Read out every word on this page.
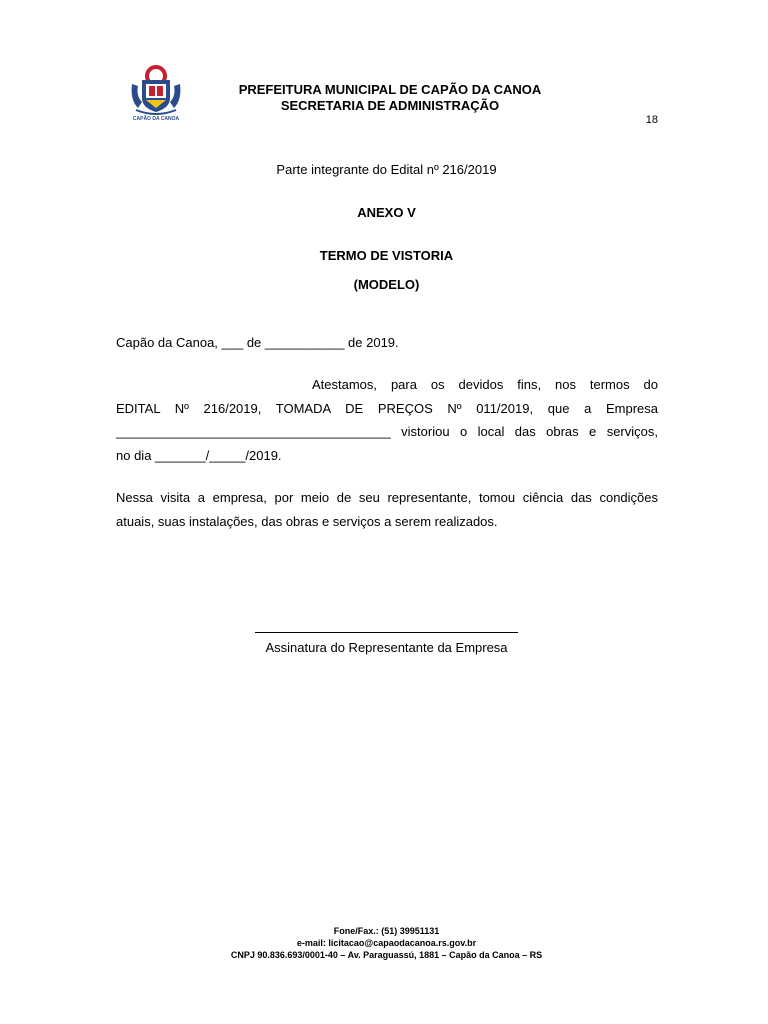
CAPÃO DA CANOA
PREFEITURA MUNICIPAL DE CAPÃO DA CANOA
SECRETARIA DE ADMINISTRAÇÃO
18
Parte integrante do Edital nº 216/2019
ANEXO V
TERMO DE VISTORIA
(MODELO)
Capão da Canoa, ___ de ___________ de 2019.
Atestamos, para os devidos fins, nos termos do
EDITAL Nº 216/2019, TOMADA DE PREÇOS Nº 011/2019, que a Empresa
______________________________________ vistoriou o local das obras e serviços,
no dia _______/_____/2019.
Nessa visita a empresa, por meio de seu representante, tomou ciência das condições
atuais, suas instalações, das obras e serviços a serem realizados.
Assinatura do Representante da Empresa
Fone/Fax.: (51) 39951131
e-mail: licitacao@capaodacanoa.rs.gov.br
CNPJ 90.836.693/0001-40 – Av. Paraguassú, 1881 – Capão da Canoa – RS
